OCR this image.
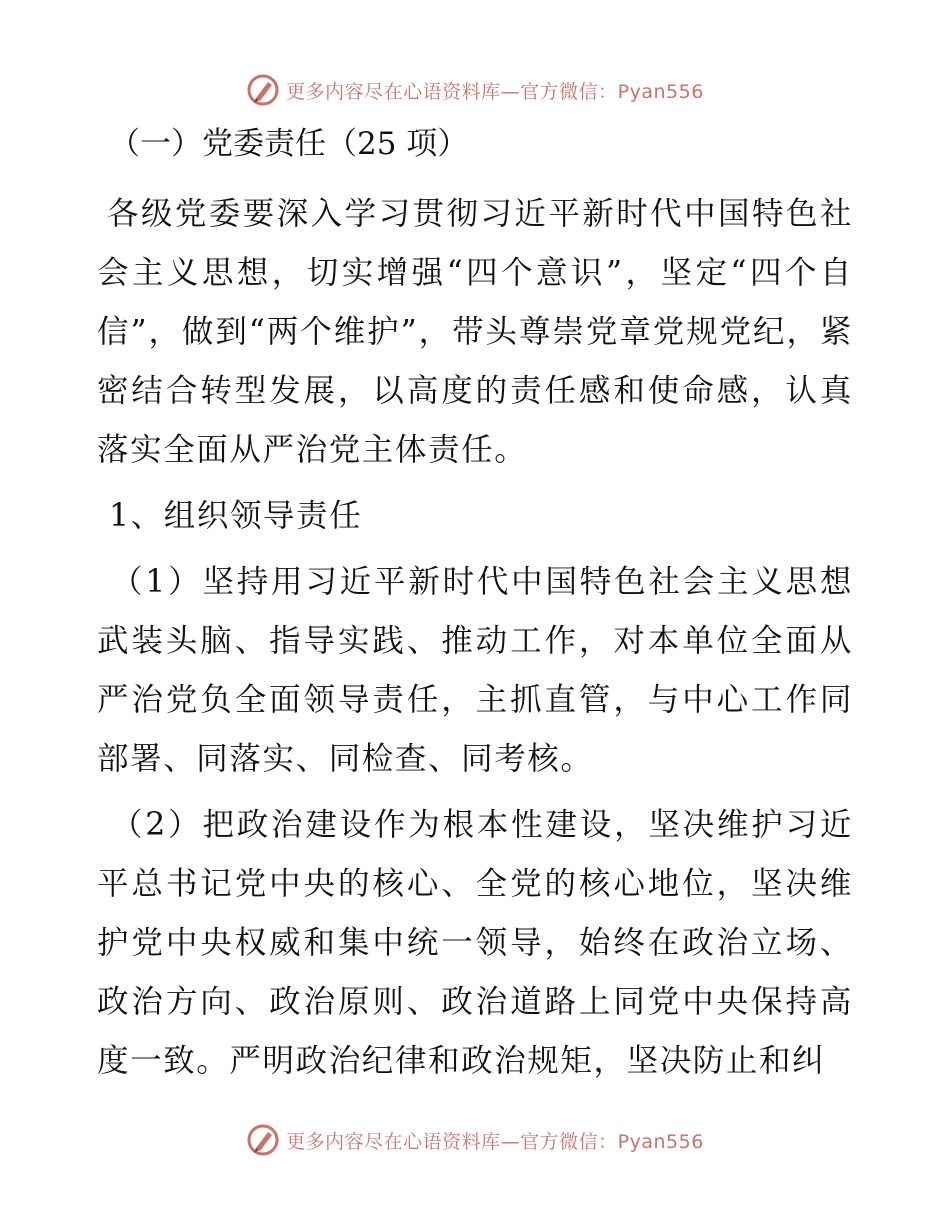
更多内容尽在心语资料库—官方微信：Pyan556
（一）党委责任（25 项）

各级党委要深入学习贯彻习近平新时代中国特色社会主义思想，切实增强“四个意识”，坚定“四个自信”，做到“两个维护”，带头尊崇党章党规党纪，紧密结合转型发展，以高度的责任感和使命感，认真落实全面从严治党主体责任。

1、组织领导责任

（1）坚持用习近平新时代中国特色社会主义思想武装头脑、指导实践、推动工作，对本单位全面从严治党负全面领导责任，主抓直管，与中心工作同部署、同落实、同检查、同考核。

（2）把政治建设作为根本性建设，坚决维护习近平总书记党中央的核心、全党的核心地位，坚决维护党中央权威和集中统一领导，始终在政治立场、政治方向、政治原则、政治道路上同党中央保持高度一致。严明政治纪律和政治规矩，坚决防止和纠

更多内容尽在心语资料库—官方微信：Pyan556
